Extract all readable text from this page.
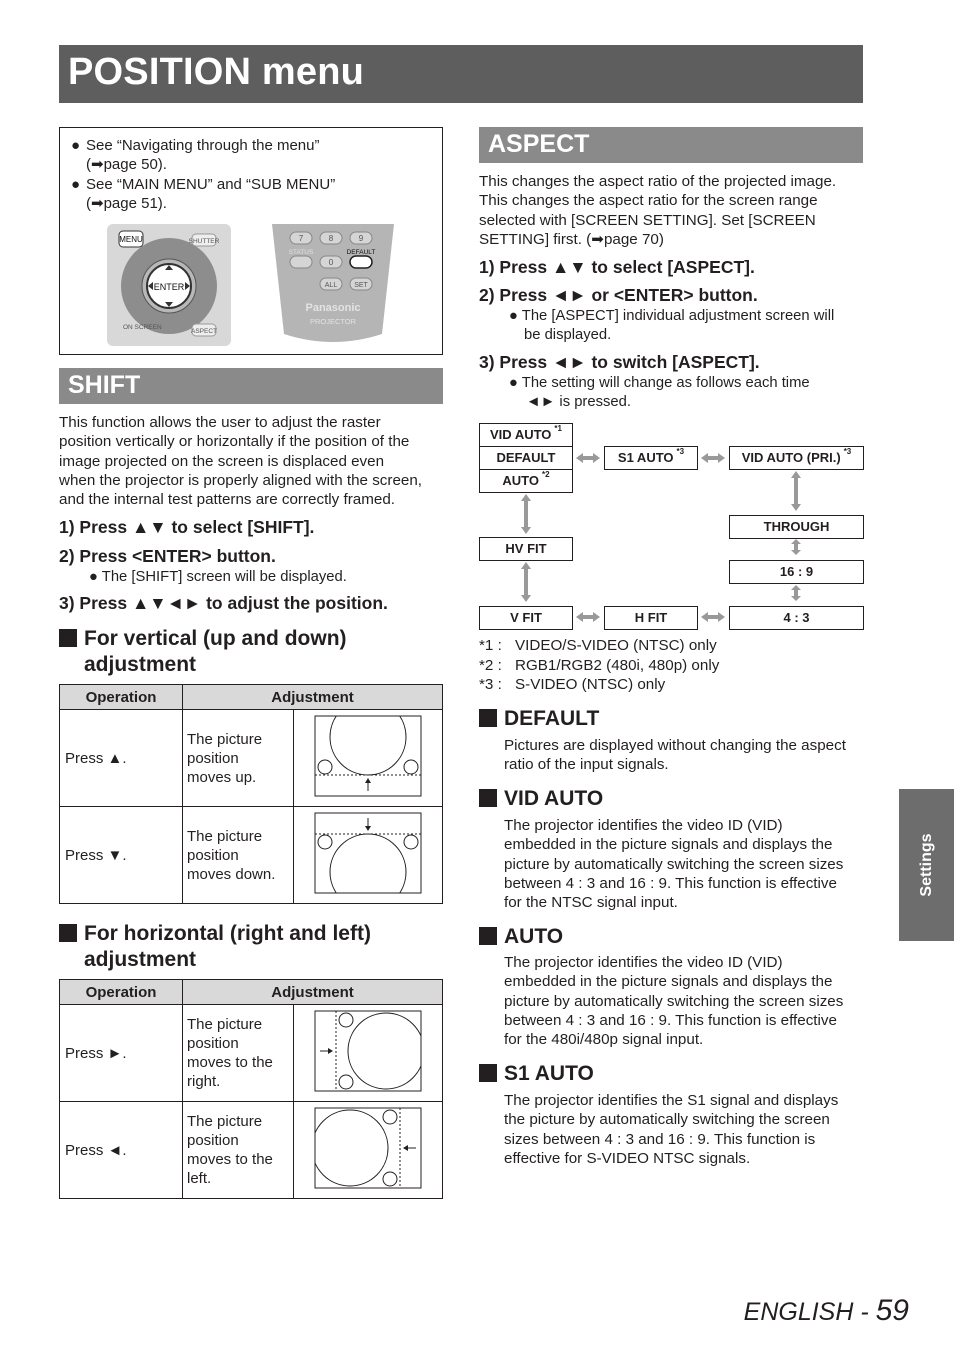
POSITION menu
● See “Navigating through the menu”
(➡page 50).
● See “MAIN MENU” and “SUB MENU”
(➡page 51).
ENTER
MENU	SHUTTER
ON SCREEN
ASPECT
7	8	9
STATUS	DEFAULT
0
ALL SET
Panasonic
PROJECTOR
SHIFT
This function allows the user to adjust the raster
position vertically or horizontally if the position of the
image projected on the screen is displaced even
when the projector is properly aligned with the screen,
and the internal test patterns are correctly framed.
1) Press ▲▼ to select [SHIFT].
2) Press <ENTER> button.
● The [SHIFT] screen will be displayed.
3) Press ▲▼◄► to adjust the position.
For vertical (up and down)
adjustment
Operation	Adjustment	
Press ▲.	The picture
position
moves up.

Press ▼.	The picture
position
moves down.

For horizontal (right and left)
adjustment
Operation	Adjustment	
Press ►.	The picture
position
moves to the
right.

Press ◄.	The picture
position
moves to the
left.

ASPECT
This changes the aspect ratio of the projected image.
This changes the aspect ratio for the screen range
selected with [SCREEN SETTING]. Set [SCREEN
SETTING] first. (➡page 70)
1) Press ▲▼ to select [ASPECT].
2) Press ◄► or <ENTER> button.
● The [ASPECT] individual adjustment screen will
be displayed.
3) Press ◄► to switch [ASPECT].
● The setting will change as follows each time
◄► is pressed.
VID AUTO $^{*1}$
DEFAULT
AUTO $^{*2}$
S1 AUTO $^{*3}$	VID AUTO (PRI.) $^{*3}$
THROUGH
16 : 9
4 : 3
HV FIT
V FIT	H FIT
*1 : VIDEO/S-VIDEO (NTSC) only
*2 : RGB1/RGB2 (480i, 480p) only
*3 : S-VIDEO (NTSC) only
DEFAULT
Pictures are displayed without changing the aspect
ratio of the input signals.
VID AUTO
The projector identifies the video ID (VID)
embedded in the picture signals and displays the
picture by automatically switching the screen sizes
between 4 : 3 and 16 : 9. This function is effective
for the NTSC signal input.
AUTO
The projector identifies the video ID (VID)
embedded in the picture signals and displays the
picture by automatically switching the screen sizes
between 4 : 3 and 16 : 9. This function is effective
for the 480i/480p signal input.
S1 AUTO
The projector identifies the S1 signal and displays
the picture by automatically switching the screen
sizes between 4 : 3 and 16 : 9. This function is
effective for S-VIDEO NTSC signals.
Settings
ENGLISH - 59
